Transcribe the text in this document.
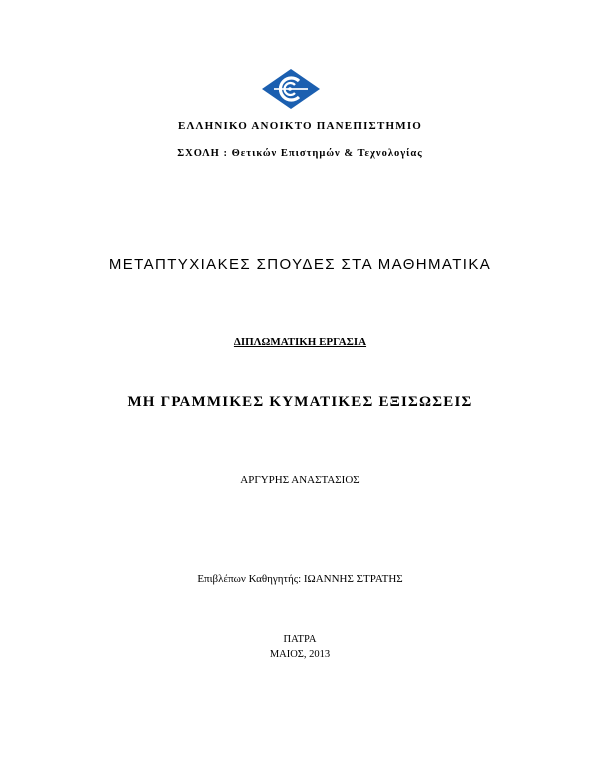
ΕΛΛΗΝΙΚΟ ΑΝΟΙΚΤΟ ΠΑΝΕΠΙΣΤΗΜΙΟ
ΣΧΟΛΗ : Θετικών Επιστημών & Τεχνολογίας
ΜΕΤΑΠΤΥΧΙΑΚΕΣ ΣΠΟΥΔΕΣ ΣΤΑ ΜΑΘΗΜΑΤΙΚΑ
ΔΙΠΛΩΜΑΤΙΚΗ ΕΡΓΑΣΙΑ
ΜΗ ΓΡΑΜΜΙΚΕΣ ΚΥΜΑΤΙΚΕΣ ΕΞΙΣΩΣΕΙΣ
ΑΡΓΥΡΗΣ ΑΝΑΣΤΑΣΙΟΣ
Επιβλέπων Καθηγητής: ΙΩΑΝΝΗΣ ΣΤΡΑΤΗΣ
ΠΑΤΡΑ
ΜΑΙΟΣ, 2013
